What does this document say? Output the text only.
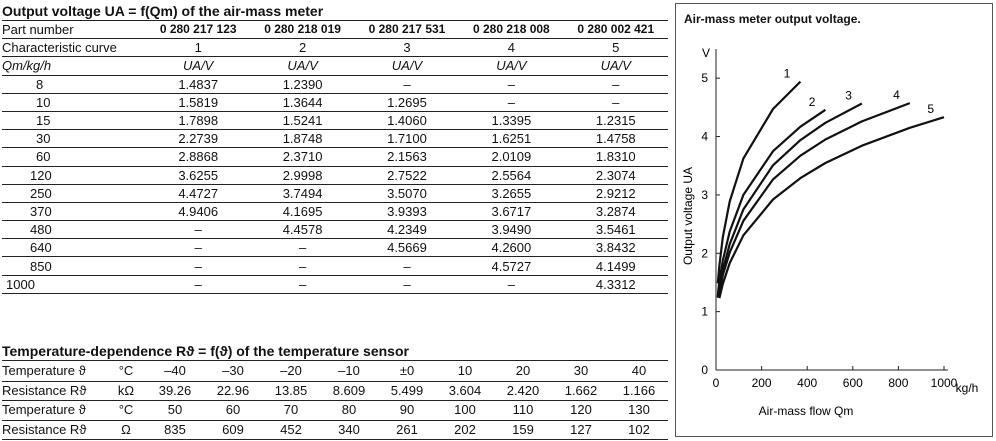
Output voltage UA = f(Qm) of the air-mass meter
Part number	0 280 217 123	0 280 218 019	0 280 217 531	0 280 218 008	0 280 002 421
Characteristic curve	1	2	3	4	5
Qm/kg/h	UA/V	UA/V	UA/V	UA/V	UA/V
8	1.4837	1.2390	–	–	–
10	1.5819	1.3644	1.2695	–	–
15	1.7898	1.5241	1.4060	1.3395	1.2315
30	2.2739	1.8748	1.7100	1.6251	1.4758
60	2.8868	2.3710	2.1563	2.0109	1.8310
120	3.6255	2.9998	2.7522	2.5564	2.3074
250	4.4727	3.7494	3.5070	3.2655	2.9212
370	4.9406	4.1695	3.9393	3.6717	3.2874
480	–	4.4578	4.2349	3.9490	3.5461
640	–	–	4.5669	4.2600	3.8432
850	–	–	–	4.5727	4.1499
1000	–	–	–	–	4.3312
Temperature-dependence Rϑ = f(ϑ) of the temperature sensor
Temperature ϑ	°C	–40	–30	–20	–10	±0	10	20	30	40
Resistance Rϑ	kΩ	39.26	22.96	13.85	8.609	5.499	3.604	2.420	1.662	1.166
Temperature ϑ	°C	50	60	70	80	90	100	110	120	130
Resistance Rϑ	Ω	835	609	452	340	261	202	159	127	102
Air-mass meter output voltage.
V
kg/h
Air-mass flow Qm
Output voltage UA
0	200 400 600 800 1000
0
1
2
3
4
5	1
2 3	4
5
